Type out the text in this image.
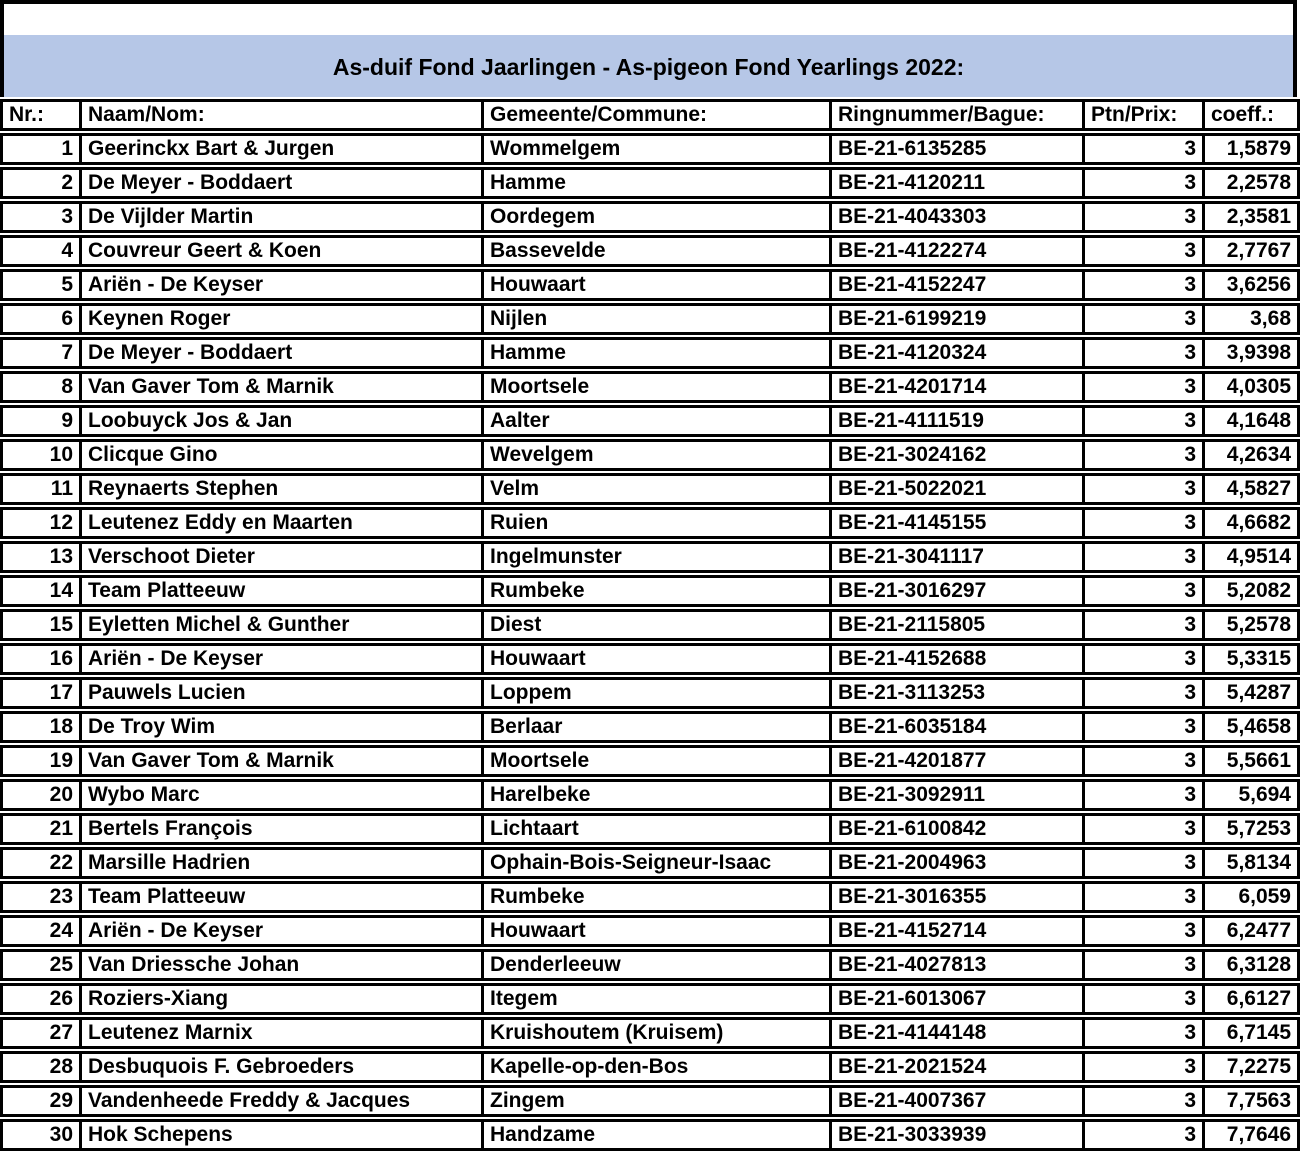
As-duif Fond Jaarlingen - As-pigeon Fond Yearlings 2022:
Nr.:	Naam/Nom:	Gemeente/Commune:	Ringnummer/Bague:	Ptn/Prix:	coeff.:
1	Geerinckx Bart & Jurgen	Wommelgem	BE-21-6135285	3	1,5879
2	De Meyer - Boddaert	Hamme	BE-21-4120211	3	2,2578
3	De Vijlder Martin	Oordegem	BE-21-4043303	3	2,3581
4	Couvreur Geert & Koen	Bassevelde	BE-21-4122274	3	2,7767
5	Ariën - De Keyser	Houwaart	BE-21-4152247	3	3,6256
6	Keynen Roger	Nijlen	BE-21-6199219	3	3,68
7	De Meyer - Boddaert	Hamme	BE-21-4120324	3	3,9398
8	Van Gaver Tom & Marnik	Moortsele	BE-21-4201714	3	4,0305
9	Loobuyck Jos & Jan	Aalter	BE-21-4111519	3	4,1648
10	Clicque Gino	Wevelgem	BE-21-3024162	3	4,2634
11	Reynaerts Stephen	Velm	BE-21-5022021	3	4,5827
12	Leutenez Eddy en Maarten	Ruien	BE-21-4145155	3	4,6682
13	Verschoot Dieter	Ingelmunster	BE-21-3041117	3	4,9514
14	Team Platteeuw	Rumbeke	BE-21-3016297	3	5,2082
15	Eyletten Michel & Gunther	Diest	BE-21-2115805	3	5,2578
16	Ariën - De Keyser	Houwaart	BE-21-4152688	3	5,3315
17	Pauwels Lucien	Loppem	BE-21-3113253	3	5,4287
18	De Troy Wim	Berlaar	BE-21-6035184	3	5,4658
19	Van Gaver Tom & Marnik	Moortsele	BE-21-4201877	3	5,5661
20	Wybo Marc	Harelbeke	BE-21-3092911	3	5,694
21	Bertels François	Lichtaart	BE-21-6100842	3	5,7253
22	Marsille Hadrien	Ophain-Bois-Seigneur-Isaac	BE-21-2004963	3	5,8134
23	Team Platteeuw	Rumbeke	BE-21-3016355	3	6,059
24	Ariën - De Keyser	Houwaart	BE-21-4152714	3	6,2477
25	Van Driessche Johan	Denderleeuw	BE-21-4027813	3	6,3128
26	Roziers-Xiang	Itegem	BE-21-6013067	3	6,6127
27	Leutenez Marnix	Kruishoutem (Kruisem)	BE-21-4144148	3	6,7145
28	Desbuquois F. Gebroeders	Kapelle-op-den-Bos	BE-21-2021524	3	7,2275
29	Vandenheede Freddy & Jacques	Zingem	BE-21-4007367	3	7,7563
30	Hok Schepens	Handzame	BE-21-3033939	3	7,7646
